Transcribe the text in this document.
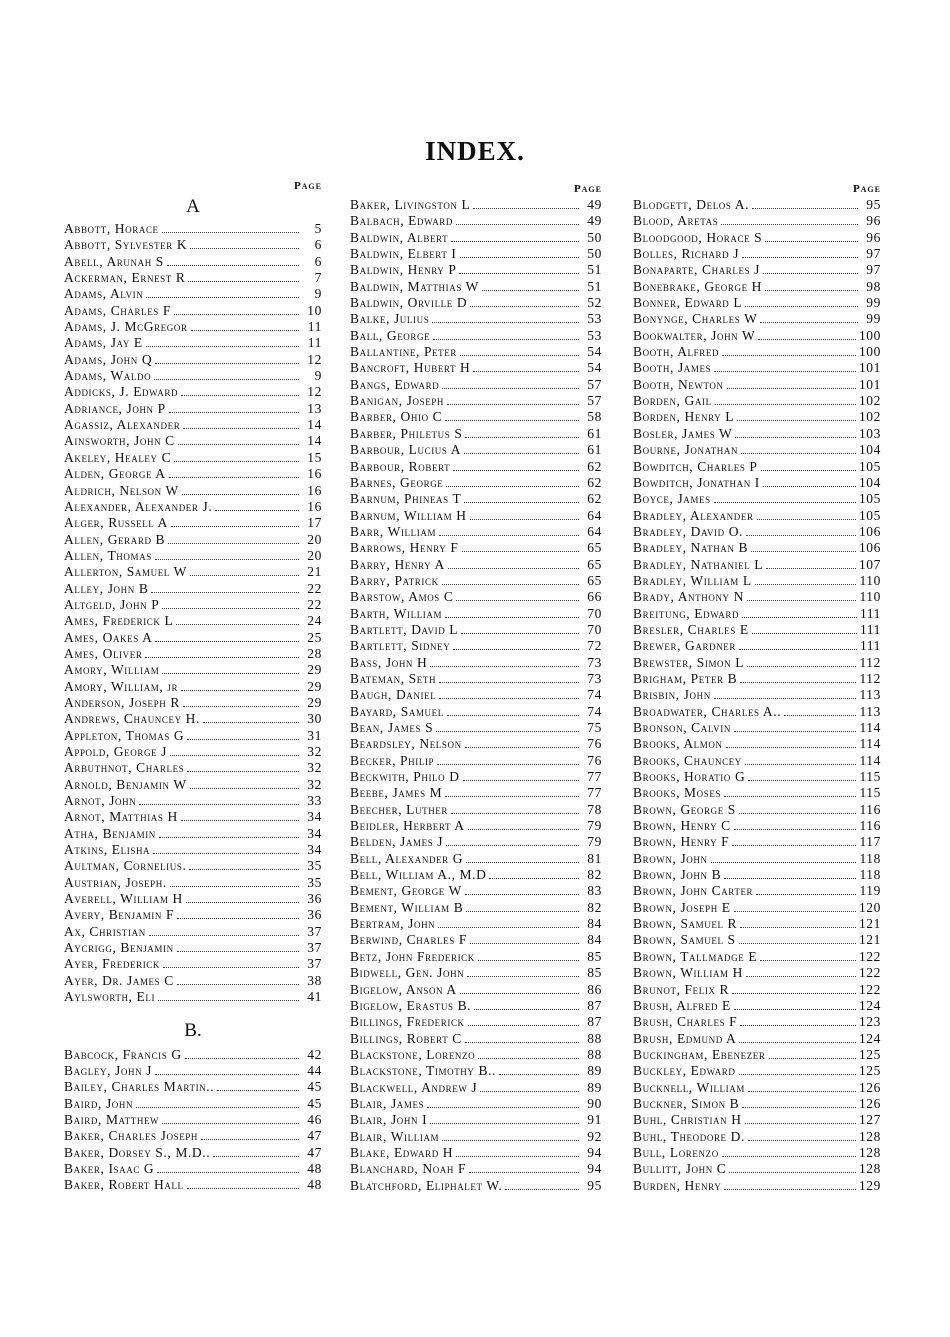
INDEX.
Page
A
Abbott, Horace	5
Abbott, Sylvester K	6
Abell, Arunah S	6
Ackerman, Ernest R	7
Adams, Alvin	9
Adams, Charles F	10
Adams, J. McGregor	11
Adams, Jay E	11
Adams, John Q	12
Adams, Waldo	9
Addicks, J. Edward	12
Adriance, John P	13
Agassiz, Alexander	14
Ainsworth, John C	14
Akeley, Healey C	15
Alden, George A	16
Aldrich, Nelson W	16
Alexander, Alexander J.	16
Alger, Russell A	17
Allen, Gerard B	20
Allen, Thomas	20
Allerton, Samuel W	21
Alley, John B	22
Altgeld, John P	22
Ames, Frederick L	24
Ames, Oakes A	25
Ames, Oliver	28
Amory, William	29
Amory, William, jr	29
Anderson, Joseph R	29
Andrews, Chauncey H.	30
Appleton, Thomas G	31
Appold, George J	32
Arbuthnot, Charles	32
Arnold, Benjamin W	32
Arnot, John	33
Arnot, Matthias H	34
Atha, Benjamin	34
Atkins, Elisha	34
Aultman, Cornelius.	35
Austrian, Joseph.	35
Averell, William H	36
Avery, Benjamin F	36
Ax, Christian	37
Aycrigg, Benjamin	37
Ayer, Frederick	37
Ayer, Dr. James C	38
Aylsworth, Eli	41
B.
Babcock, Francis G	42
Bagley, John J	44
Bailey, Charles Martin..	45
Baird, John	45
Baird, Matthew	46
Baker, Charles Joseph	47
Baker, Dorsey S., M.D..	47
Baker, Isaac G	48
Baker, Robert Hall	48
Page
Baker, Livingston L	49
Balbach, Edward	49
Baldwin, Albert	50
Baldwin, Elbert I	50
Baldwin, Henry P	51
Baldwin, Matthias W	51
Baldwin, Orville D	52
Balke, Julius	53
Ball, George	53
Ballantine, Peter	54
Bancroft, Hubert H	54
Bangs, Edward	57
Banigan, Joseph	57
Barber, Ohio C	58
Barber, Philetus S	61
Barbour, Lucius A	61
Barbour, Robert	62
Barnes, George	62
Barnum, Phineas T	62
Barnum, William H	64
Barr, William	64
Barrows, Henry F	65
Barry, Henry A	65
Barry, Patrick	65
Barstow, Amos C	66
Barth, William	70
Bartlett, David L	70
Bartlett, Sidney	72
Bass, John H	73
Bateman, Seth	73
Baugh, Daniel	74
Bayard, Samuel	74
Bean, James S	75
Beardsley, Nelson	76
Becker, Philip	76
Beckwith, Philo D	77
Beebe, James M	77
Beecher, Luther	78
Beidler, Herbert A	79
Belden, James J	79
Bell, Alexander G	81
Bell, William A., M.D	82
Bement, George W	83
Bement, William B	82
Bertram, John	84
Berwind, Charles F	84
Betz, John Frederick	85
Bidwell, Gen. John	85
Bigelow, Anson A	86
Bigelow, Erastus B.	87
Billings, Frederick	87
Billings, Robert C	88
Blackstone, Lorenzo	88
Blackstone, Timothy B..	89
Blackwell, Andrew J	89
Blair, James	90
Blair, John I	91
Blair, William	92
Blake, Edward H	94
Blanchard, Noah F	94
Blatchford, Eliphalet W.	95
Page
Blodgett, Delos A.	95
Blood, Aretas	96
Bloodgood, Horace S	96
Bolles, Richard J	97
Bonaparte, Charles J	97
Bonebrake, George H	98
Bonner, Edward L	99
Bonynge, Charles W	99
Bookwalter, John W	100
Booth, Alfred	100
Booth, James	101
Booth, Newton	101
Borden, Gail	102
Borden, Henry L	102
Bosler, James W	103
Bourne, Jonathan	104
Bowditch, Charles P	105
Bowditch, Jonathan I	104
Boyce, James	105
Bradley, Alexander	105
Bradley, David O.	106
Bradley, Nathan B	106
Bradley, Nathaniel L	107
Bradley, William L	110
Brady, Anthony N	110
Breitung, Edward	111
Bresler, Charles E	111
Brewer, Gardner	111
Brewster, Simon L	112
Brigham, Peter B	112
Brisbin, John	113
Broadwater, Charles A..	113
Bronson, Calvin	114
Brooks, Almon	114
Brooks, Chauncey	114
Brooks, Horatio G	115
Brooks, Moses	115
Brown, George S	116
Brown, Henry C	116
Brown, Henry F	117
Brown, John	118
Brown, John B	118
Brown, John Carter	119
Brown, Joseph E	120
Brown, Samuel R	121
Brown, Samuel S	121
Brown, Tallmadge E	122
Brown, William H	122
Brunot, Felix R	122
Brush, Alfred E	124
Brush, Charles F	123
Brush, Edmund A	124
Buckingham, Ebenezer	125
Buckley, Edward	125
Bucknell, William	126
Buckner, Simon B	126
Buhl, Christian H	127
Buhl, Theodore D.	128
Bull, Lorenzo	128
Bullitt, John C	128
Burden, Henry	129
